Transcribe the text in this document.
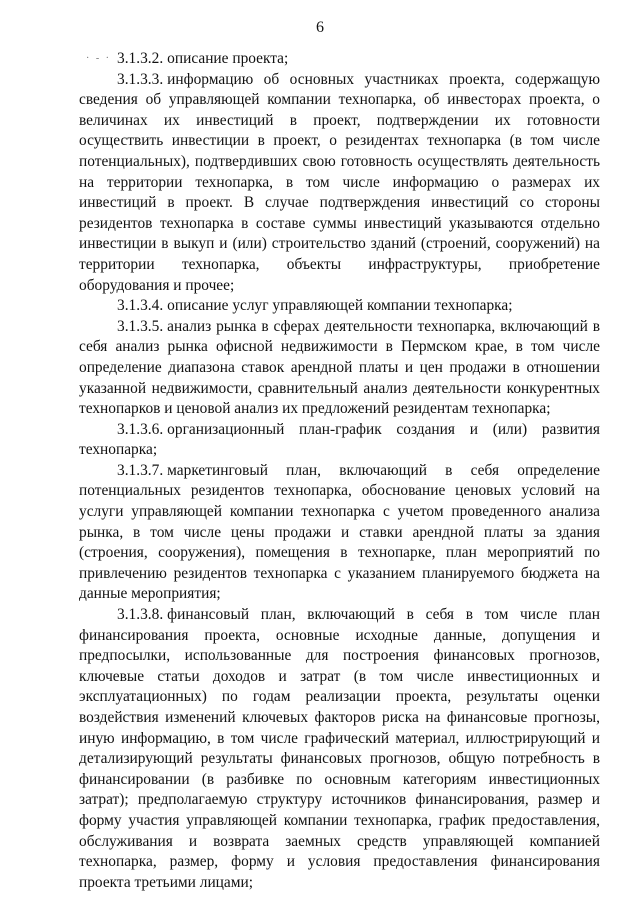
6
· - · 3.1.3.2. описание проекта;

3.1.3.3. информацию об основных участниках проекта, содержащую сведения об управляющей компании технопарка, об инвесторах проекта, о величинах их инвестиций в проект, подтверждении их готовности осуществить инвестиции в проект, о резидентах технопарка (в том числе потенциальных), подтвердивших свою готовность осуществлять деятельность на территории технопарка, в том числе информацию о размерах их инвестиций в проект. В случае подтверждения инвестиций со стороны резидентов технопарка в составе суммы инвестиций указываются отдельно инвестиции в выкуп и (или) строительство зданий (строений, сооружений) на территории технопарка, объекты инфраструктуры, приобретение оборудования и прочее;

3.1.3.4. описание услуг управляющей компании технопарка;

3.1.3.5. анализ рынка в сферах деятельности технопарка, включающий в себя анализ рынка офисной недвижимости в Пермском крае, в том числе определение диапазона ставок арендной платы и цен продажи в отношении указанной недвижимости, сравнительный анализ деятельности конкурентных технопарков и ценовой анализ их предложений резидентам технопарка;

3.1.3.6. организационный план-график создания и (или) развития технопарка;

3.1.3.7. маркетинговый план, включающий в себя определение потенциальных резидентов технопарка, обоснование ценовых условий на услуги управляющей компании технопарка с учетом проведенного анализа рынка, в том числе цены продажи и ставки арендной платы за здания (строения, сооружения), помещения в технопарке, план мероприятий по привлечению резидентов технопарка с указанием планируемого бюджета на данные мероприятия;

3.1.3.8. финансовый план, включающий в себя в том числе план финансирования проекта, основные исходные данные, допущения и предпосылки, использованные для построения финансовых прогнозов, ключевые статьи доходов и затрат (в том числе инвестиционных и эксплуатационных) по годам реализации проекта, результаты оценки воздействия изменений ключевых факторов риска на финансовые прогнозы, иную информацию, в том числе графический материал, иллюстрирующий и детализирующий результаты финансовых прогнозов, общую потребность в финансировании (в разбивке по основным категориям инвестиционных затрат); предполагаемую структуру источников финансирования, размер и форму участия управляющей компании технопарка, график предоставления, обслуживания и возврата заемных средств управляющей компанией технопарка, размер, форму и условия предоставления финансирования проекта третьими лицами;
